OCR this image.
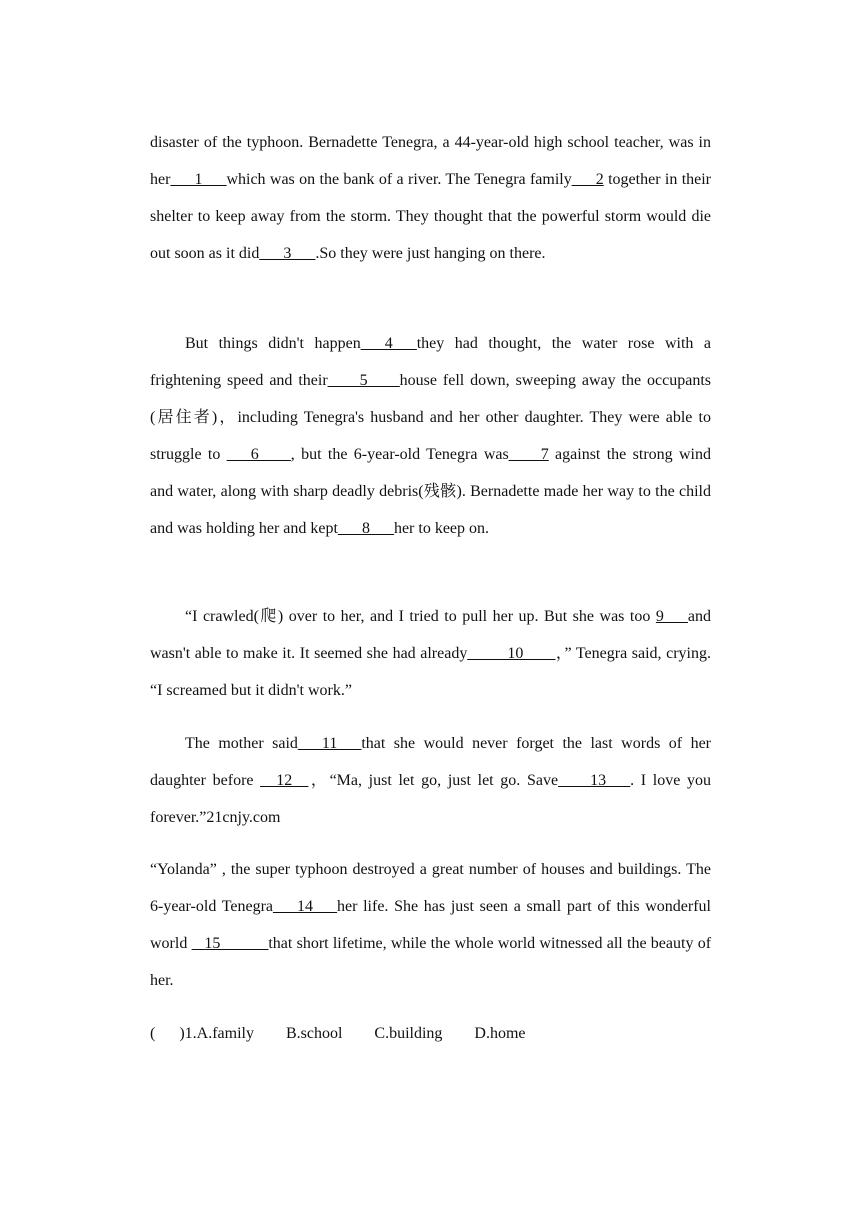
disaster of the typhoon. Bernadette Tenegra, a 44-year-old high school teacher, was in her___1___which was on the bank of a river. The Tenegra family___2 together in their shelter to keep away from the storm. They thought that the powerful storm would die out soon as it did___3___.So they were just hanging on there.

But things didn't happen___4___they had thought, the water rose with a frightening speed and their____5____house fell down, sweeping away the occupants (居住者)，including Tenegra's husband and her other daughter. They were able to struggle to ___6____, but the 6-year-old Tenegra was____7 against the strong wind and water, along with sharp deadly debris(残骸). Bernadette made her way to the child and was holding her and kept___8___her to keep on.

“I crawled(爬) over to her, and I tried to pull her up. But she was too 9___and wasn't able to make it. It seemed she had already_____10____，” Tenegra said, crying. “I screamed but it didn't work.”

The mother said___11___that she would never forget the last words of her daughter before __12__，“Ma, just let go, just let go. Save____13___. I love you forever.”21cnjy.com

“Yolanda” , the super typhoon destroyed a great number of houses and buildings. The 6-year-old Tenegra___14___her life. She has just seen a small part of this wonderful world    15______that short lifetime, while the whole world witnessed all the beauty of her.

(      )1.A.family        B.school        C.building        D.home
